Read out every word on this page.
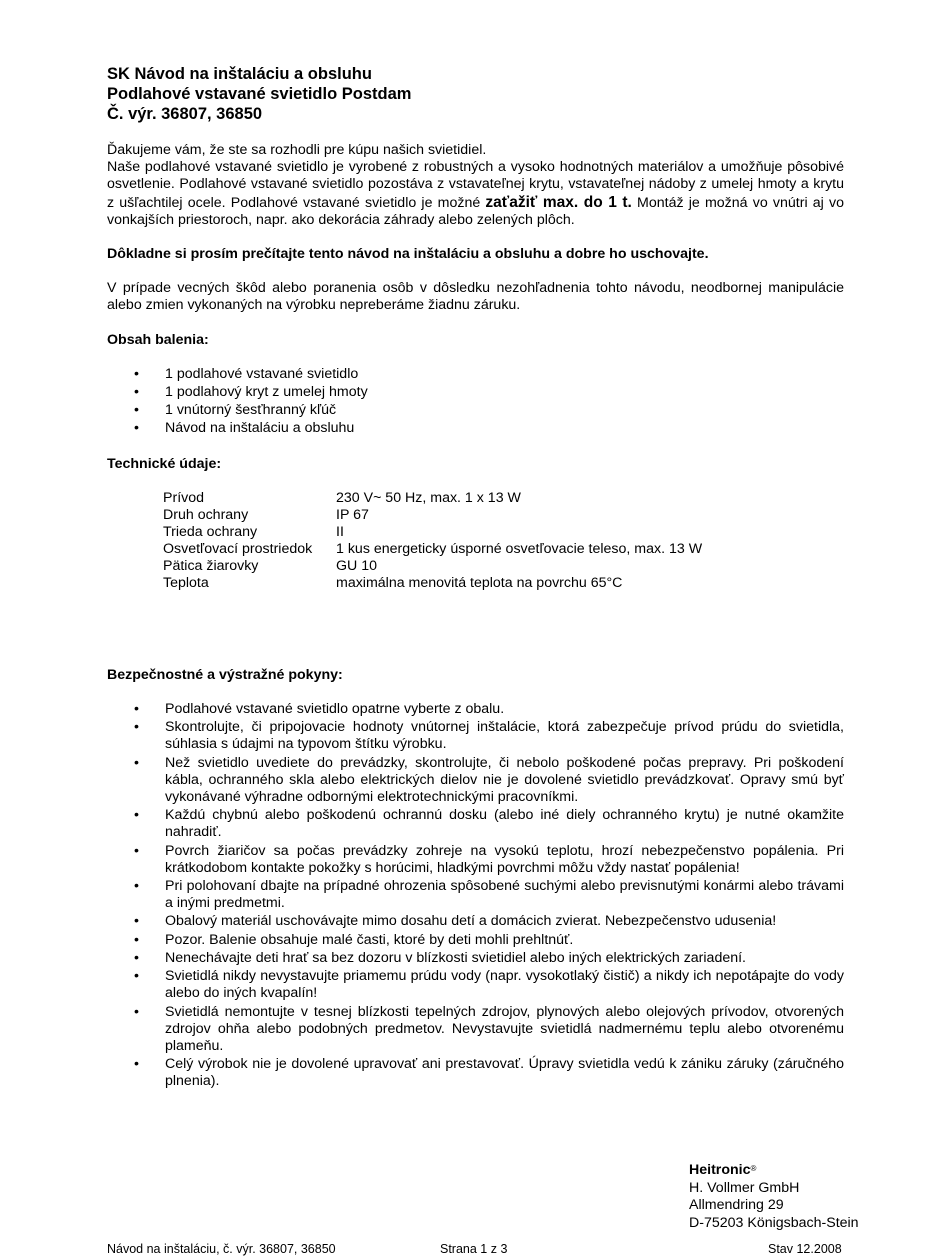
SK Návod na inštaláciu a obsluhu
Podlahové vstavané svietidlo Postdam
Č. výr. 36807, 36850

Ďakujeme vám, že ste sa rozhodli pre kúpu našich svietidiel.

Naše podlahové vstavané svietidlo je vyrobené z robustných a vysoko hodnotných materiálov a umožňuje pôsobivé osvetlenie. Podlahové vstavané svietidlo pozostáva z vstavateľnej krytu, vstavateľnej nádoby z umelej hmoty a krytu z ušľachtilej ocele. Podlahové vstavané svietidlo je možné zaťažiť max. do 1 t. Montáž je možná vo vnútri aj vo vonkajších priestoroch, napr. ako dekorácia záhrady alebo zelených plôch.

Dôkladne si prosím prečítajte tento návod na inštaláciu a obsluhu a dobre ho uschovajte.

V prípade vecných škôd alebo poranenia osôb v dôsledku nezohľadnenia tohto návodu, neodbornej manipulácie alebo zmien vykonaných na výrobku nepreberáme žiadnu záruku.

Obsah balenia:

• 1 podlahové vstavané svietidlo
• 1 podlahový kryt z umelej hmoty
• 1 vnútorný šesťhranný kľúč
• Návod na inštaláciu a obsluhu

Technické údaje:

Prívod	230 V~ 50 Hz, max. 1 x 13 W
Druh ochrany	IP 67
Trieda ochrany	II
Osvetľovací prostriedok	1 kus energeticky úsporné osvetľovacie teleso, max. 13 W
Pätica žiarovky	GU 10
Teplota	maximálna menovitá teplota na povrchu 65°C

Bezpečnostné a výstražné pokyny:

• Podlahové vstavané svietidlo opatrne vyberte z obalu.
• Skontrolujte, či pripojovacie hodnoty vnútornej inštalácie, ktorá zabezpečuje prívod prúdu do svietidla, súhlasia s údajmi na typovom štítku výrobku.
• Než svietidlo uvediete do prevádzky, skontrolujte, či nebolo poškodené počas prepravy. Pri poškodení kábla, ochranného skla alebo elektrických dielov nie je dovolené svietidlo prevádzkovať. Opravy smú byť vykonávané výhradne odbornými elektrotechnickými pracovníkmi.
• Každú chybnú alebo poškodenú ochrannú dosku (alebo iné diely ochranného krytu) je nutné okamžite nahradiť.
• Povrch žiaričov sa počas prevádzky zohreje na vysokú teplotu, hrozí nebezpečenstvo popálenia. Pri krátkodobom kontakte pokožky s horúcimi, hladkými povrchmi môžu vždy nastať popálenia!
• Pri polohovaní dbajte na prípadné ohrozenia spôsobené suchými alebo previsnutými konármi alebo trávami a inými predmetmi.
• Obalový materiál uschovávajte mimo dosahu detí a domácich zvierat. Nebezpečenstvo udusenia!
• Pozor. Balenie obsahuje malé časti, ktoré by deti mohli prehltnúť.
• Nenechávajte deti hrať sa bez dozoru v blízkosti svietidiel alebo iných elektrických zariadení.
• Svietidlá nikdy nevystavujte priamemu prúdu vody (napr. vysokotlaký čistič) a nikdy ich nepotápajte do vody alebo do iných kvapalín!
• Svietidlá nemontujte v tesnej blízkosti tepelných zdrojov, plynových alebo olejových prívodov, otvorených zdrojov ohňa alebo podobných predmetov. Nevystavujte svietidlá nadmernému teplu alebo otvorenému plameňu.
• Celý výrobok nie je dovolené upravovať ani prestavovať. Úpravy svietidla vedú k zániku záruky (záručného plnenia).
Heitronic®
H. Vollmer GmbH
Allmendring 29
D-75203 Königsbach-Stein
Návod na inštaláciu, č. výr. 36807, 36850	Strana 1 z 3	Stav 12.2008
